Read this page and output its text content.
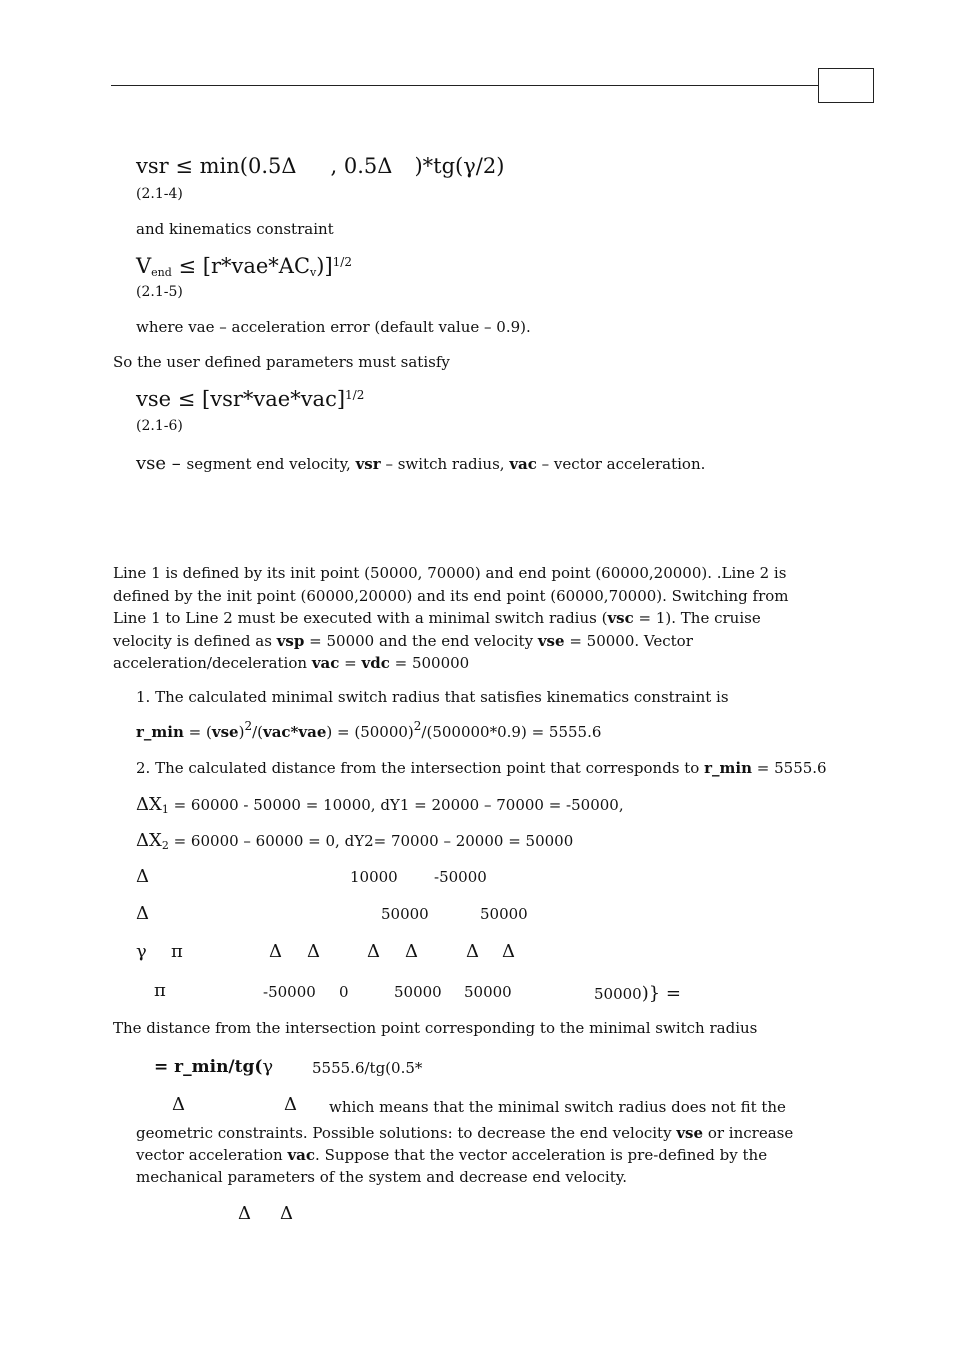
vsr ≤ min(0.5Δ , 0.5Δ )*tg(γ/2)
(2.1-4)
and kinematics constraint
$V_{end} \le [r*vae*AC_v)]^{1/2}$
(2.1-5)
where vae – acceleration error (default value – 0.9).
So the user defined parameters must satisfy
vse ≤ $[vsr*vae*vac]^{1/2}$
(2.1-6)
vse – segment end velocity, vsr – switch radius, vac – vector acceleration.
Line 1 is defined by its init point (50000, 70000) and end point (60000,20000). .Line 2 is defined by the init point (60000,20000) and its end point (60000,70000). Switching from Line 1 to Line 2 must be executed with a minimal switch radius (vsc = 1). The cruise velocity is defined as vsp = 50000 and the end velocity vse = 50000. Vector acceleration/deceleration vac = vdc = 500000
1. The calculated minimal switch radius that satisfies kinematics constraint is
r_min = $(vse)^2/(vac*vae) = (50000)^2/(500000*0.9) = 5555.6$
2. The calculated distance from the intersection point that corresponds to r_min = 5555.6
$\Delta X_1 = 60000 - 50000 = 10000$, dY1 = 20000 – 70000 = -50000,
$\Delta X_2 = 60000 - 60000 = 0$, dY2= 70000 – 20000 = 50000
Δ	10000 -50000
Δ	50000	50000
γ π	Δ Δ	Δ Δ	Δ Δ
π	-50000 0	50000 50000	50000)} =
The distance from the intersection point corresponding to the minimal switch radius
= r_min/tg(γ	5555.6/tg(0.5*
Δ	Δ which means that the minimal switch radius does not fit the
geometric constraints. Possible solutions: to decrease the end velocity vse or increase vector acceleration vac. Suppose that the vector acceleration is pre-defined by the mechanical parameters of the system and decrease end velocity.
Δ Δ
